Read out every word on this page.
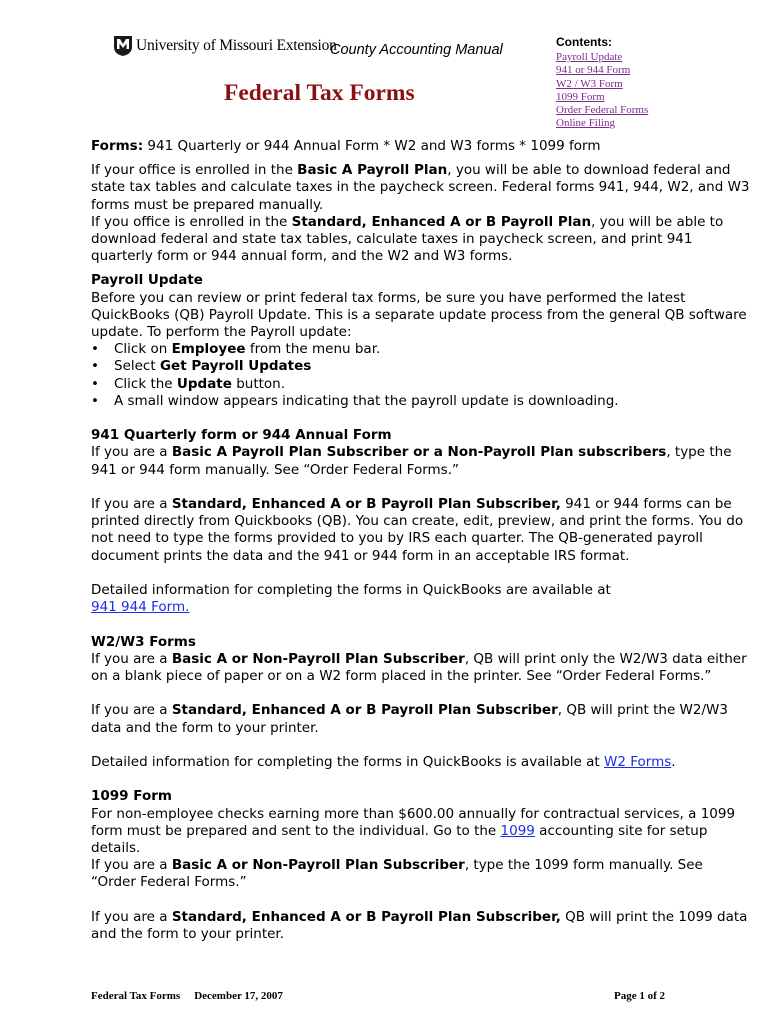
University of Missouri Extension
County Accounting Manual
Federal Tax Forms
Contents:
Payroll Update
941 or 944 Form
W2 / W3 Form
1099 Form
Order Federal Forms
Online Filing

Forms: 941 Quarterly or 944 Annual Form * W2 and W3 forms * 1099 form

If your office is enrolled in the Basic A Payroll Plan, you will be able to download federal and state tax tables and calculate taxes in the paycheck screen. Federal forms 941, 944, W2, and W3 forms must be prepared manually.

If you office is enrolled in the Standard, Enhanced A or B Payroll Plan, you will be able to download federal and state tax tables, calculate taxes in paycheck screen, and print 941 quarterly form or 944 annual form, and the W2 and W3 forms.

Payroll Update

Before you can review or print federal tax forms, be sure you have performed the latest QuickBooks (QB) Payroll Update. This is a separate update process from the general QB software update. To perform the Payroll update:

• Click on Employee from the menu bar.
• Select Get Payroll Updates
• Click the Update button.
• A small window appears indicating that the payroll update is downloading.

941 Quarterly form or 944 Annual Form

If you are a Basic A Payroll Plan Subscriber or a Non-Payroll Plan subscribers, type the 941 or 944 form manually. See “Order Federal Forms.”

If you are a Standard, Enhanced A or B Payroll Plan Subscriber, 941 or 944 forms can be printed directly from Quickbooks (QB). You can create, edit, preview, and print the forms. You do not need to type the forms provided to you by IRS each quarter. The QB-generated payroll document prints the data and the 941 or 944 form in an acceptable IRS format.

Detailed information for completing the forms in QuickBooks are available at

941 944 Form.

W2/W3 Forms

If you are a Basic A or Non-Payroll Plan Subscriber, QB will print only the W2/W3 data either on a blank piece of paper or on a W2 form placed in the printer. See “Order Federal Forms.”

If you are a Standard, Enhanced A or B Payroll Plan Subscriber, QB will print the W2/W3 data and the form to your printer.

Detailed information for completing the forms in QuickBooks is available at W2 Forms.

1099 Form

For non-employee checks earning more than $600.00 annually for contractual services, a 1099 form must be prepared and sent to the individual. Go to the 1099 accounting site for setup details.

If you are a Basic A or Non-Payroll Plan Subscriber, type the 1099 form manually. See “Order Federal Forms.”

If you are a Standard, Enhanced A or B Payroll Plan Subscriber, QB will print the 1099 data and the form to your printer.

Federal Tax Forms December 17, 2007	Page 1 of 2
